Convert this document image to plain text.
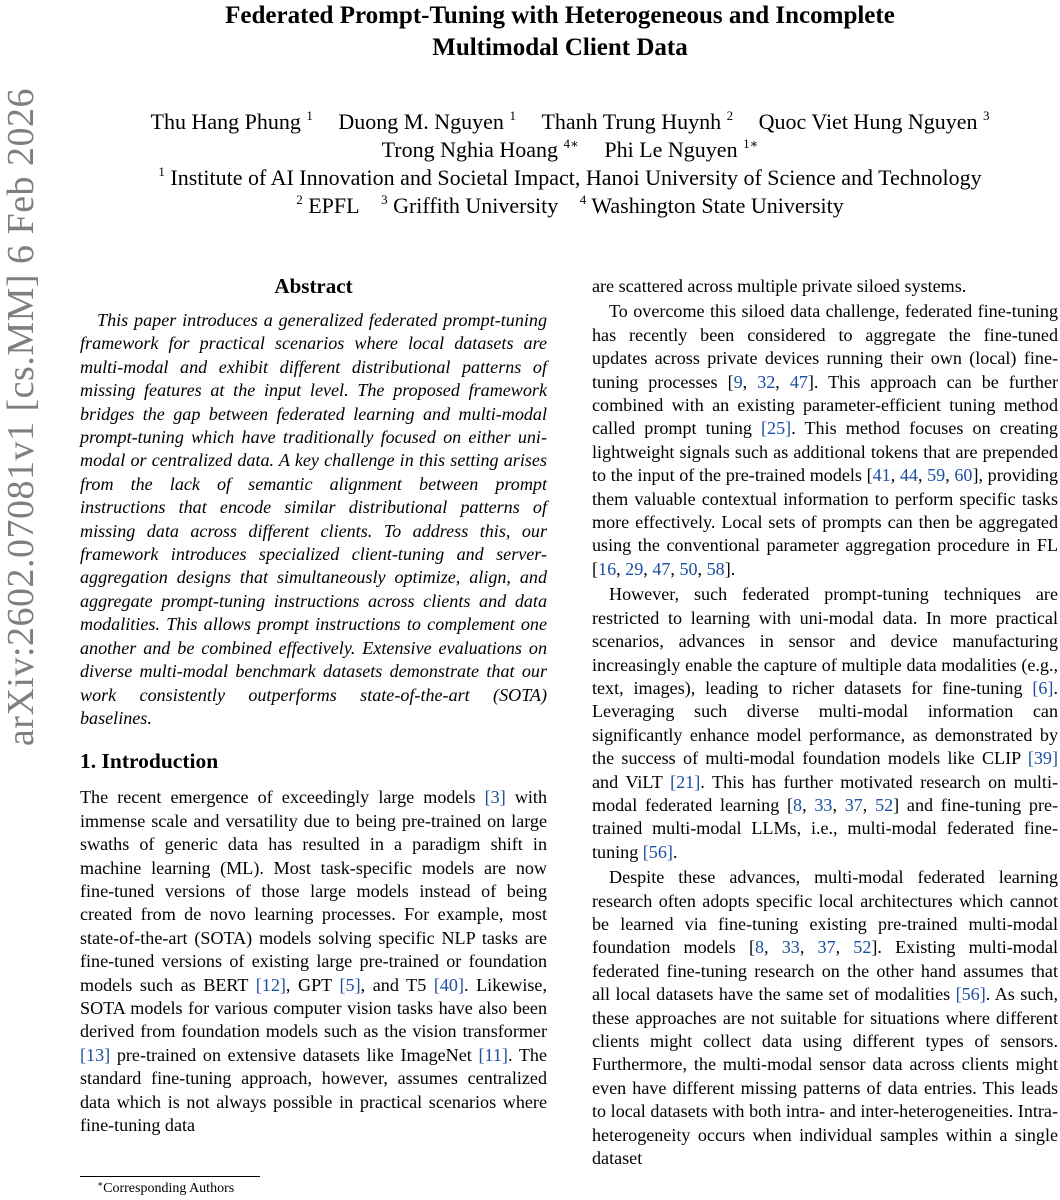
arXiv:2602.07081v1 [cs.MM] 6 Feb 2026
Federated Prompt-Tuning with Heterogeneous and Incomplete
Multimodal Client Data
Thu Hang Phung $^1$ Duong M. Nguyen $^1$ Thanh Trung Huynh $^2$ Quoc Viet Hung Nguyen $^3$
Trong Nghia Hoang $^{4∗}$ Phi Le Nguyen $^{1∗}$
$^1$ Institute of AI Innovation and Societal Impact, Hanoi University of Science and Technology
$^2$ EPFL $^3$ Griffith University $^4$ Washington State University
Abstract

This paper introduces a generalized federated prompt-tuning framework for practical scenarios where local datasets are multi-modal and exhibit different distributional patterns of missing features at the input level. The proposed framework bridges the gap between federated learning and multi-modal prompt-tuning which have traditionally focused on either uni-modal or centralized data. A key challenge in this setting arises from the lack of semantic alignment between prompt instructions that encode similar distributional patterns of missing data across different clients. To address this, our framework introduces specialized client-tuning and server-aggregation designs that simultaneously optimize, align, and aggregate prompt-tuning instructions across clients and data modalities. This allows prompt instructions to complement one another and be combined effectively. Extensive evaluations on diverse multi-modal benchmark datasets demonstrate that our work consistently outperforms state-of-the-art (SOTA) baselines.

1. Introduction

The recent emergence of exceedingly large models [3] with immense scale and versatility due to being pre-trained on large swaths of generic data has resulted in a paradigm shift in machine learning (ML). Most task-specific models are now fine-tuned versions of those large models instead of being created from de novo learning processes. For example, most state-of-the-art (SOTA) models solving specific NLP tasks are fine-tuned versions of existing large pre-trained or foundation models such as BERT [12], GPT [5], and T5 [40]. Likewise, SOTA models for various computer vision tasks have also been derived from foundation models such as the vision transformer [13] pre-trained on extensive datasets like ImageNet [11]. The standard fine-tuning approach, however, assumes centralized data which is not always possible in practical scenarios where fine-tuning data

are scattered across multiple private siloed systems.

To overcome this siloed data challenge, federated fine-tuning has recently been considered to aggregate the fine-tuned updates across private devices running their own (local) fine-tuning processes [9, 32, 47]. This approach can be further combined with an existing parameter-efficient tuning method called prompt tuning [25]. This method focuses on creating lightweight signals such as additional tokens that are prepended to the input of the pre-trained models [41, 44, 59, 60], providing them valuable contextual information to perform specific tasks more effectively. Local sets of prompts can then be aggregated using the conventional parameter aggregation procedure in FL [16, 29, 47, 50, 58].

However, such federated prompt-tuning techniques are restricted to learning with uni-modal data. In more practical scenarios, advances in sensor and device manufacturing increasingly enable the capture of multiple data modalities (e.g., text, images), leading to richer datasets for fine-tuning [6]. Leveraging such diverse multi-modal information can significantly enhance model performance, as demonstrated by the success of multi-modal foundation models like CLIP [39] and ViLT [21]. This has further motivated research on multi-modal federated learning [8, 33, 37, 52] and fine-tuning pre-trained multi-modal LLMs, i.e., multi-modal federated fine-tuning [56].

Despite these advances, multi-modal federated learning research often adopts specific local architectures which cannot be learned via fine-tuning existing pre-trained multi-modal foundation models [8, 33, 37, 52]. Existing multi-modal federated fine-tuning research on the other hand assumes that all local datasets have the same set of modalities [56]. As such, these approaches are not suitable for situations where different clients might collect data using different types of sensors. Furthermore, the multi-modal sensor data across clients might even have different missing patterns of data entries. This leads to local datasets with both intra- and inter-heterogeneities. Intra-heterogeneity occurs when individual samples within a single dataset

∗Corresponding Authors
